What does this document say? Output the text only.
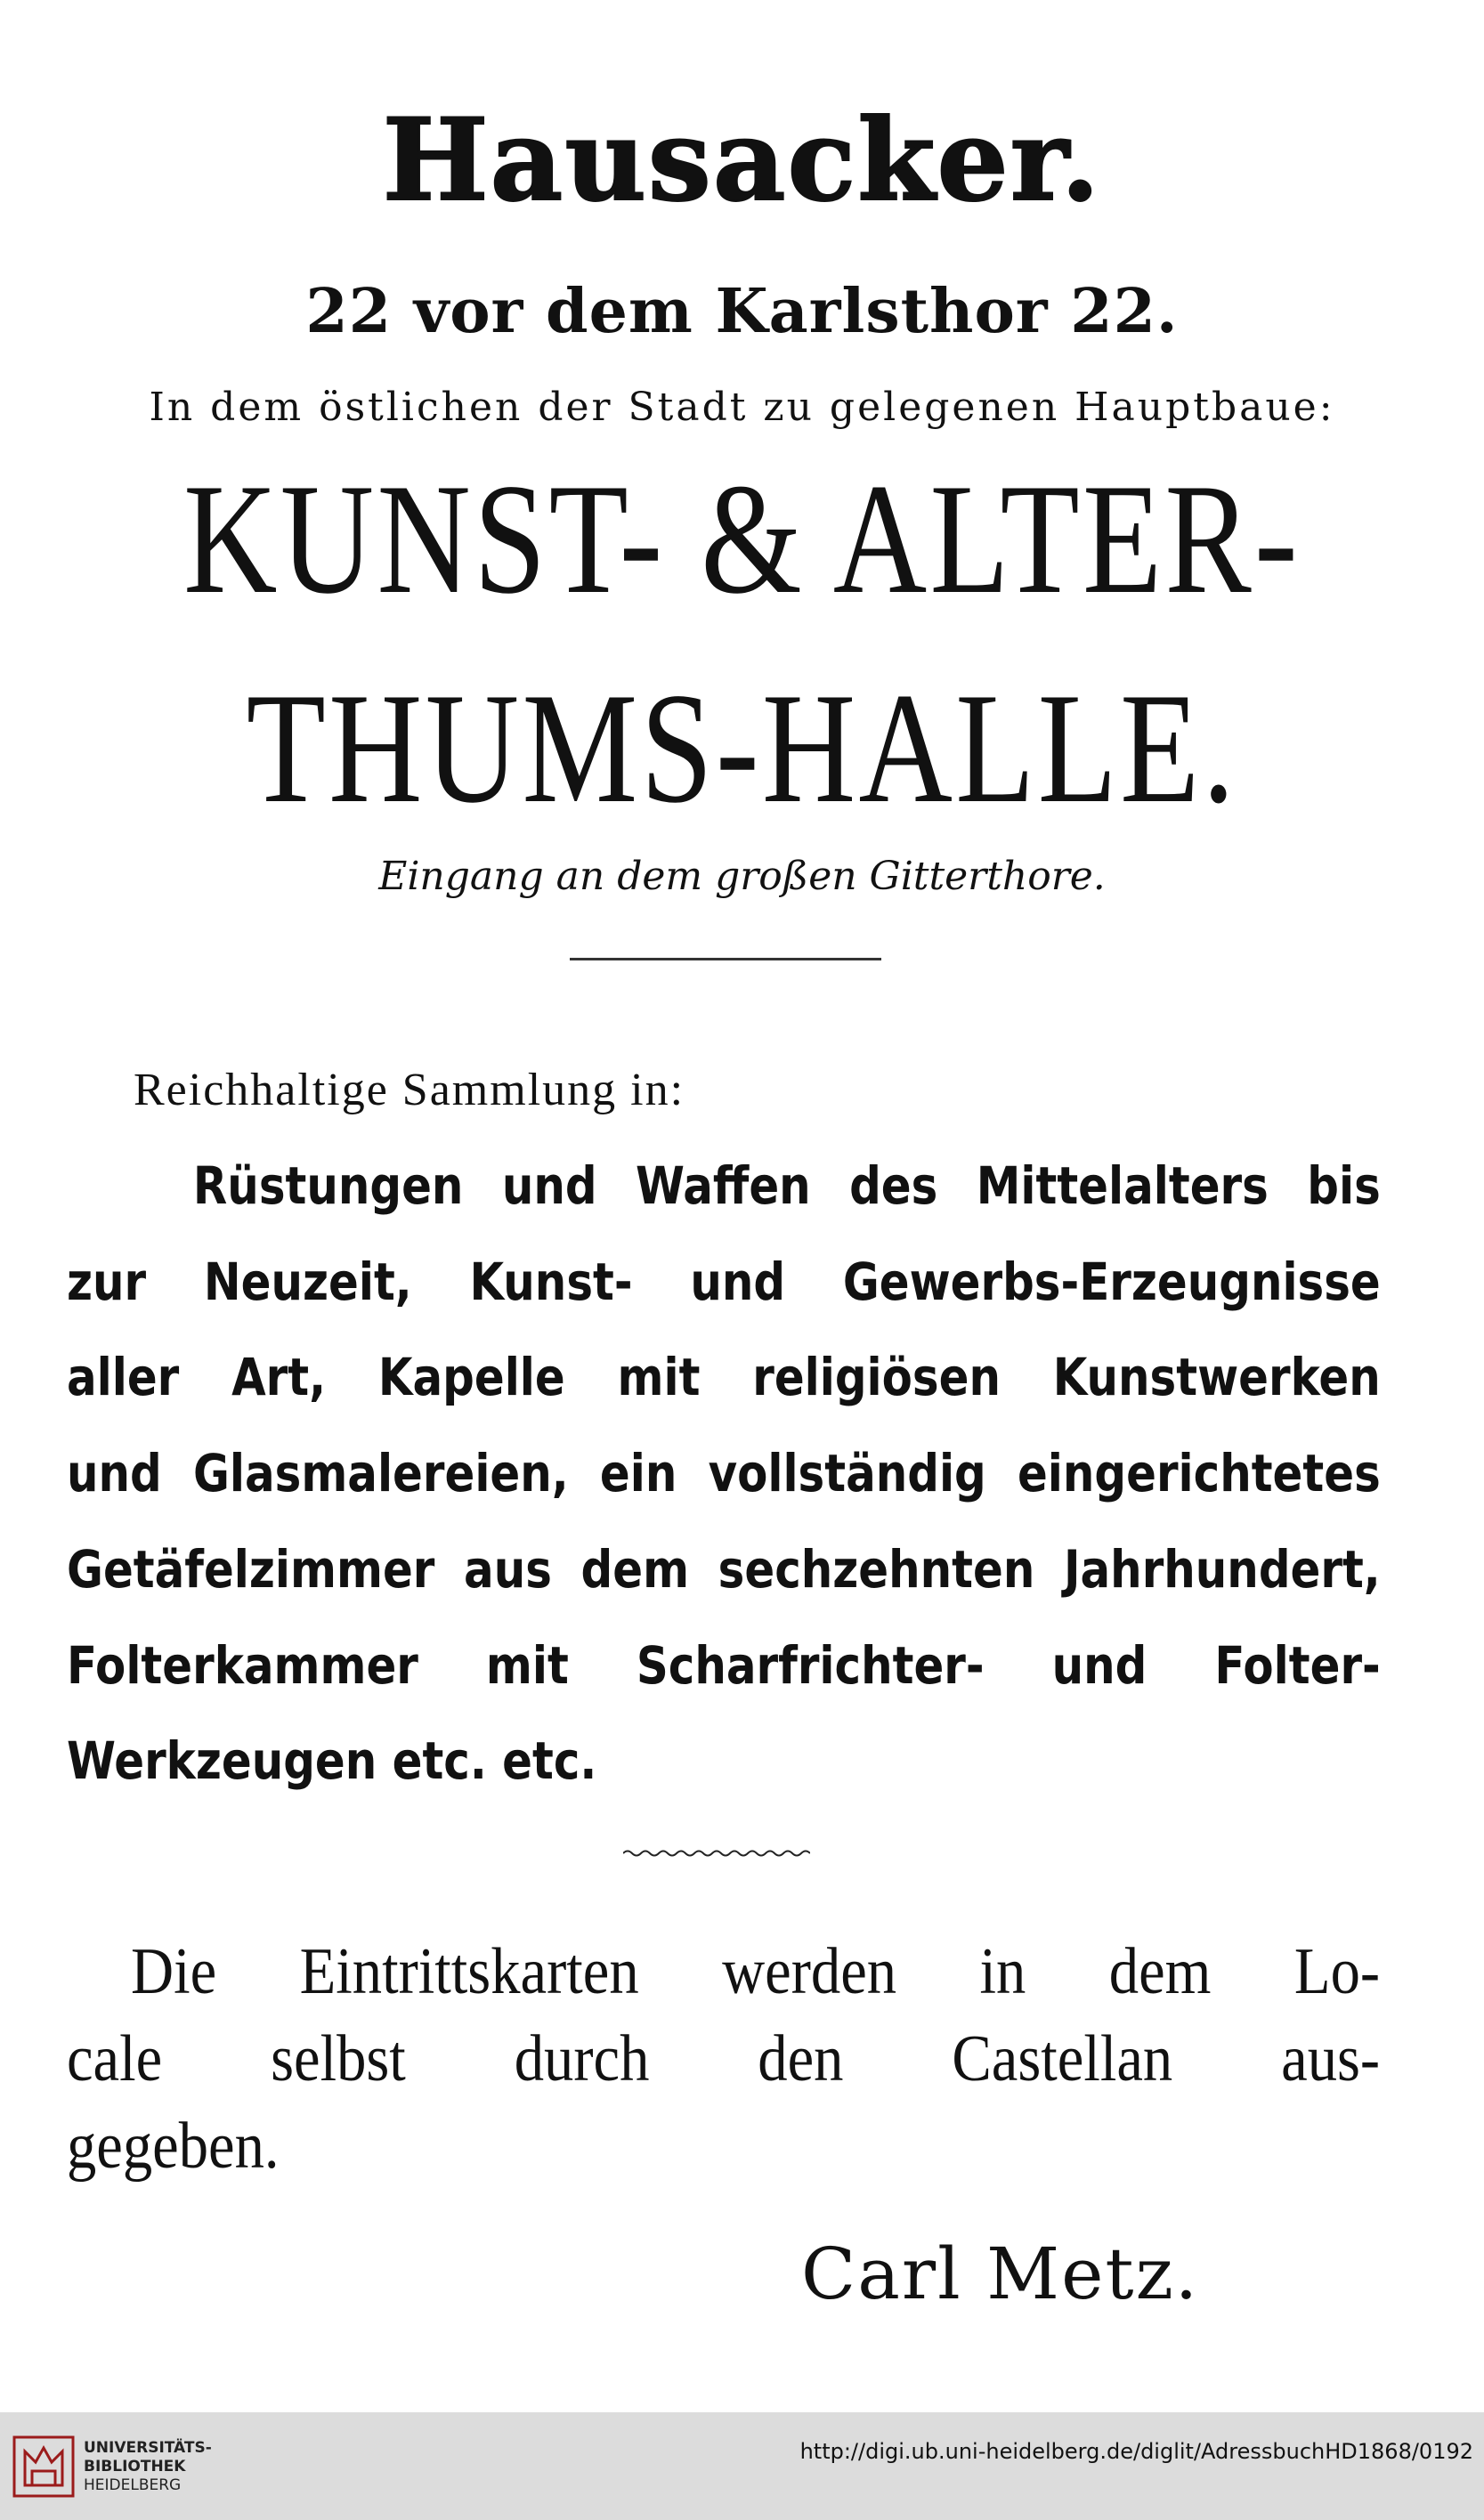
Hausacker.
22 vor dem Karlsthor 22.
In dem östlichen der Stadt zu gelegenen Hauptbaue:
KUNST- & ALTER-
THUMS-HALLE.
Eingang an dem großen Gitterthore.
Reichhaltige Sammlung in:
Rüstungen und Waffen des Mittelalters bis
zur Neuzeit, Kunst- und Gewerbs-Erzeugnisse
aller Art, Kapelle mit religiösen Kunstwerken
und Glasmalereien, ein vollständig eingerichtetes
Getäfelzimmer aus dem sechzehnten Jahrhundert,
Folterkammer mit Scharfrichter- und Folter-
Werkzeugen etc. etc.
Die Eintrittskarten werden in dem Lo-
cale selbst durch den Castellan aus-
gegeben.
Carl Metz.
UNIVERSITÄTS-
BIBLIOTHEK
HEIDELBERG
http://digi.ub.uni-heidelberg.de/diglit/AdressbuchHD1868/0192
